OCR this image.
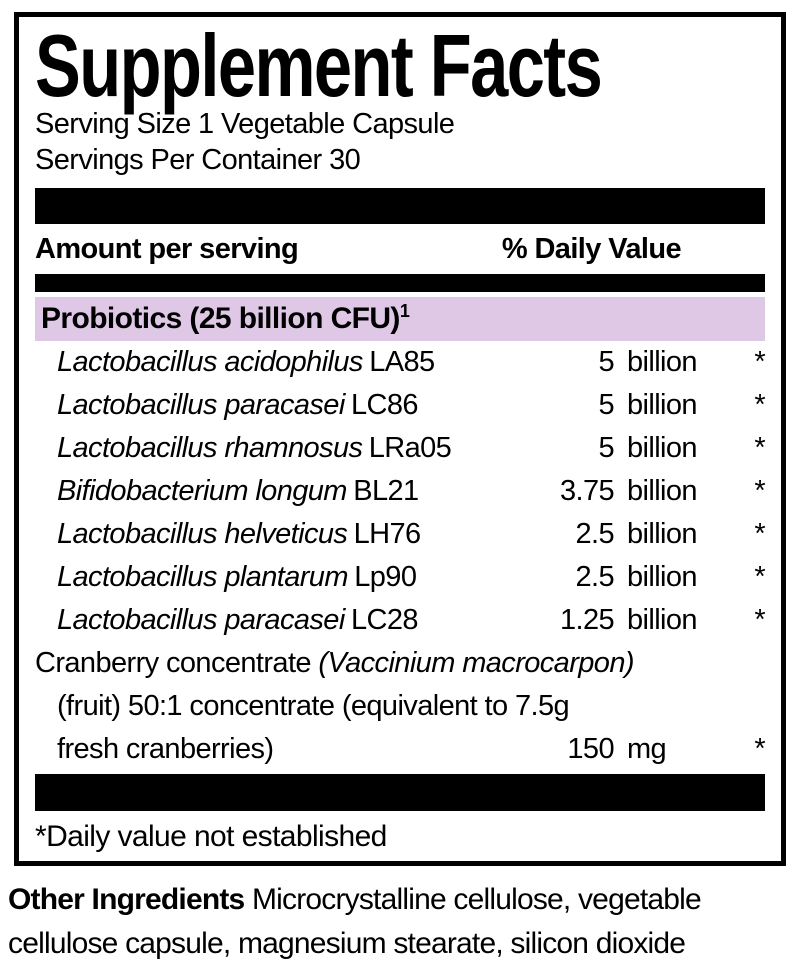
Supplement Facts
Serving Size 1 Vegetable Capsule
Servings Per Container 30
Amount per serving	% Daily Value
Probiotics (25 billion CFU)$^1$
Lactobacillus acidophilus LA85	5 billion	*
Lactobacillus paracasei LC86	5 billion	*
Lactobacillus rhamnosus LRa05	5 billion	*
Bifidobacterium longum BL21	3.75 billion	*
Lactobacillus helveticus LH76	2.5 billion	*
Lactobacillus plantarum Lp90	2.5 billion	*
Lactobacillus paracasei LC28	1.25 billion	*
Cranberry concentrate (Vaccinium macrocarpon)
(fruit) 50:1 concentrate (equivalent to 7.5g
fresh cranberries)	150 mg	*
*Daily value not established
Other Ingredients Microcrystalline cellulose, vegetable
cellulose capsule, magnesium stearate, silicon dioxide
